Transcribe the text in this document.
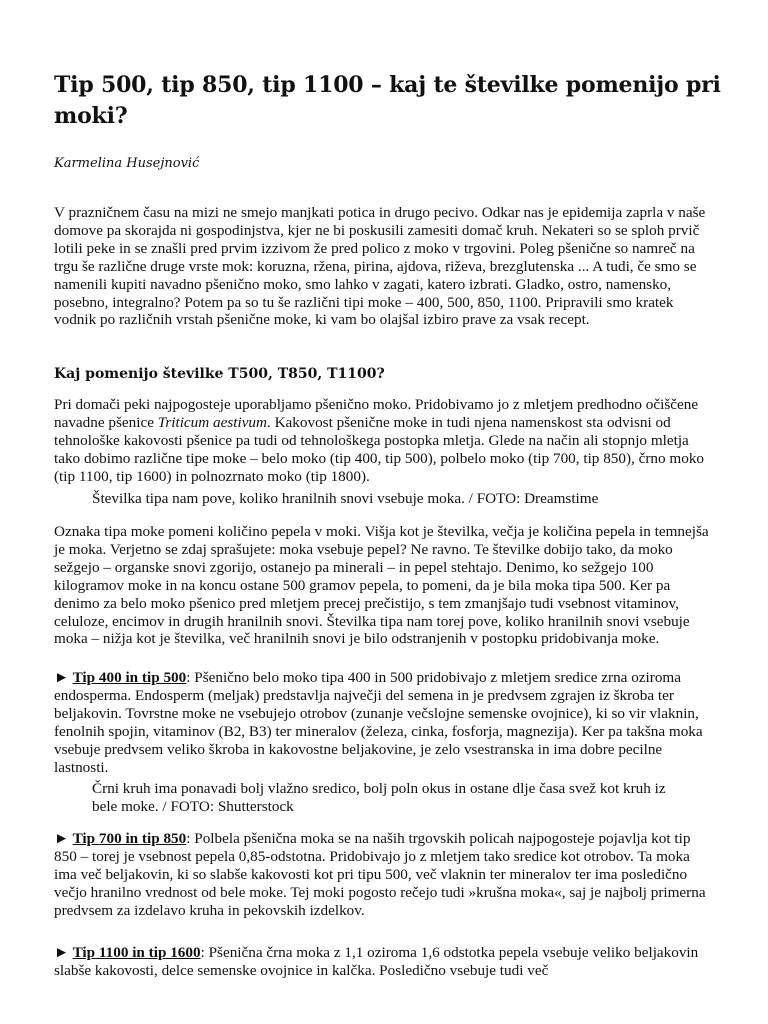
Tip 500, tip 850, tip 1100 – kaj te številke pomenijo pri moki?

Karmelina Husejnović

V prazničnem času na mizi ne smejo manjkati potica in drugo pecivo. Odkar nas je epidemija zaprla v naše domove pa skorajda ni gospodinjstva, kjer ne bi poskusili zamesiti domač kruh. Nekateri so se sploh prvič lotili peke in se znašli pred prvim izzivom že pred polico z moko v trgovini. Poleg pšenične so namreč na trgu še različne druge vrste mok: koruzna, ržena, pirina, ajdova, riževa, brezglutenska ... A tudi, če smo se namenili kupiti navadno pšenično moko, smo lahko v zagati, katero izbrati. Gladko, ostro, namensko, posebno, integralno? Potem pa so tu še različni tipi moke – 400, 500, 850, 1100. Pripravili smo kratek vodnik po različnih vrstah pšenične moke, ki vam bo olajšal izbiro prave za vsak recept.

Kaj pomenijo številke T500, T850, T1100?

Pri domači peki najpogosteje uporabljamo pšenično moko. Pridobivamo jo z mletjem predhodno očiščene navadne pšenice Triticum aestivum. Kakovost pšenične moke in tudi njena namenskost sta odvisni od tehnološke kakovosti pšenice pa tudi od tehnološkega postopka mletja. Glede na način ali stopnjo mletja tako dobimo različne tipe moke – belo moko (tip 400, tip 500), polbelo moko (tip 700, tip 850), črno moko (tip 1100, tip 1600) in polnozrnato moko (tip 1800).

Številka tipa nam pove, koliko hranilnih snovi vsebuje moka. / FOTO: Dreamstime

Oznaka tipa moke pomeni količino pepela v moki. Višja kot je številka, večja je količina pepela in temnejša je moka. Verjetno se zdaj sprašujete: moka vsebuje pepel? Ne ravno. Te številke dobijo tako, da moko sežgejo – organske snovi zgorijo, ostanejo pa minerali – in pepel stehtajo. Denimo, ko sežgejo 100 kilogramov moke in na koncu ostane 500 gramov pepela, to pomeni, da je bila moka tipa 500. Ker pa denimo za belo moko pšenico pred mletjem precej prečistijo, s tem zmanjšajo tudi vsebnost vitaminov, celuloze, encimov in drugih hranilnih snovi. Številka tipa nam torej pove, koliko hranilnih snovi vsebuje moka – nižja kot je številka, več hranilnih snovi je bilo odstranjenih v postopku pridobivanja moke.

► Tip 400 in tip 500: Pšenično belo moko tipa 400 in 500 pridobivajo z mletjem sredice zrna oziroma endosperma. Endosperm (meljak) predstavlja največji del semena in je predvsem zgrajen iz škroba ter beljakovin. Tovrstne moke ne vsebujejo otrobov (zunanje večslojne semenske ovojnice), ki so vir vlaknin, fenolnih spojin, vitaminov (B2, B3) ter mineralov (železa, cinka, fosforja, magnezija). Ker pa takšna moka vsebuje predvsem veliko škroba in kakovostne beljakovine, je zelo vsestranska in ima dobre pecilne lastnosti.

Črni kruh ima ponavadi bolj vlažno sredico, bolj poln okus in ostane dlje časa svež kot kruh iz bele moke. / FOTO: Shutterstock

► Tip 700 in tip 850: Polbela pšenična moka se na naših trgovskih policah najpogosteje pojavlja kot tip 850 – torej je vsebnost pepela 0,85-odstotna. Pridobivajo jo z mletjem tako sredice kot otrobov. Ta moka ima več beljakovin, ki so slabše kakovosti kot pri tipu 500, več vlaknin ter mineralov ter ima posledično večjo hranilno vrednost od bele moke. Tej moki pogosto rečejo tudi »krušna moka«, saj je najbolj primerna predvsem za izdelavo kruha in pekovskih izdelkov.

► Tip 1100 in tip 1600: Pšenična črna moka z 1,1 oziroma 1,6 odstotka pepela vsebuje veliko beljakovin slabše kakovosti, delce semenske ovojnice in kalčka. Posledično vsebuje tudi več
